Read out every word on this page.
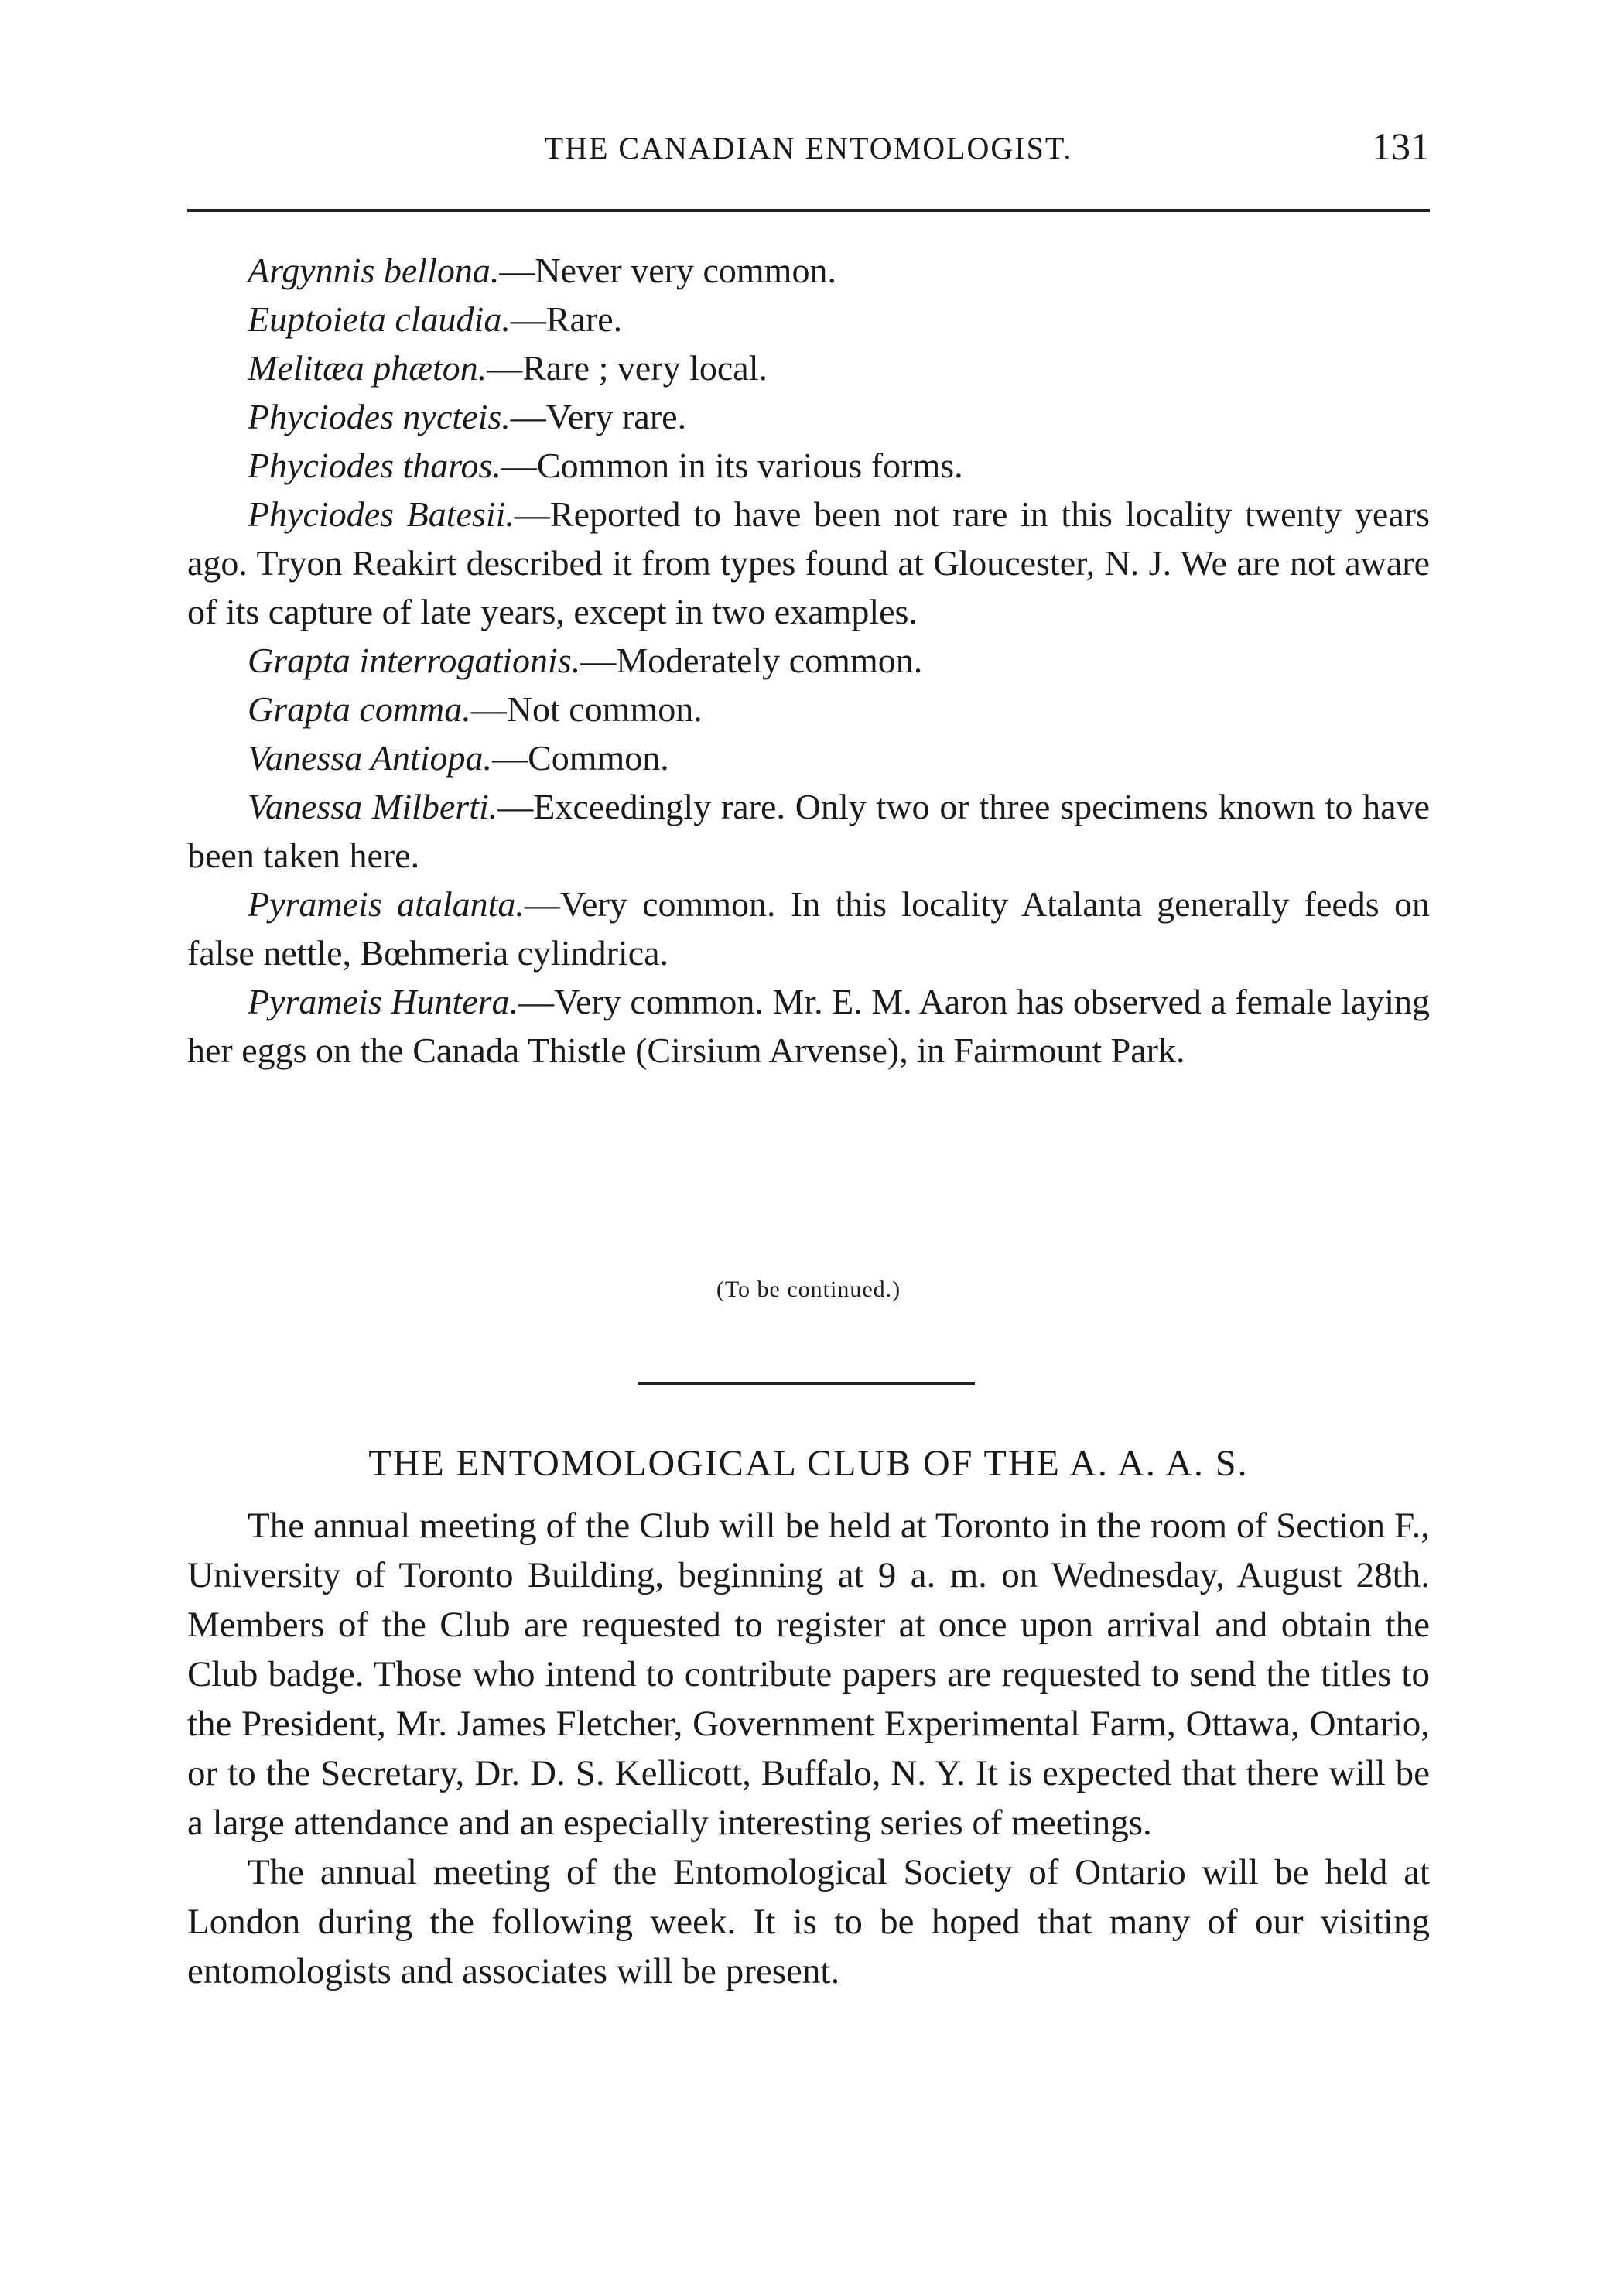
THE CANADIAN ENTOMOLOGIST.	131

Argynnis bellona.—Never very common.

Euptoieta claudia.—Rare.

Melitæa phæton.—Rare ; very local.

Phyciodes nycteis.—Very rare.

Phyciodes tharos.—Common in its various forms.

Phyciodes Batesii.—Reported to have been not rare in this locality twenty years ago. Tryon Reakirt described it from types found at Gloucester, N. J. We are not aware of its capture of late years, except in two examples.

Grapta interrogationis.—Moderately common.

Grapta comma.—Not common.

Vanessa Antiopa.—Common.

Vanessa Milberti.—Exceedingly rare. Only two or three specimens known to have been taken here.

Pyrameis atalanta.—Very common. In this locality Atalanta generally feeds on false nettle, Bœhmeria cylindrica.

Pyrameis Huntera.—Very common. Mr. E. M. Aaron has observed a female laying her eggs on the Canada Thistle (Cirsium Arvense), in Fairmount Park.

(To be continued.)
THE ENTOMOLOGICAL CLUB OF THE A. A. A. S.

The annual meeting of the Club will be held at Toronto in the room of Section F., University of Toronto Building, beginning at 9 a. m. on Wednesday, August 28th. Members of the Club are requested to register at once upon arrival and obtain the Club badge. Those who intend to contribute papers are requested to send the titles to the President, Mr. James Fletcher, Government Experimental Farm, Ottawa, Ontario, or to the Secretary, Dr. D. S. Kellicott, Buffalo, N. Y. It is expected that there will be a large attendance and an especially interesting series of meetings.

The annual meeting of the Entomological Society of Ontario will be held at London during the following week. It is to be hoped that many of our visiting entomologists and associates will be present.
